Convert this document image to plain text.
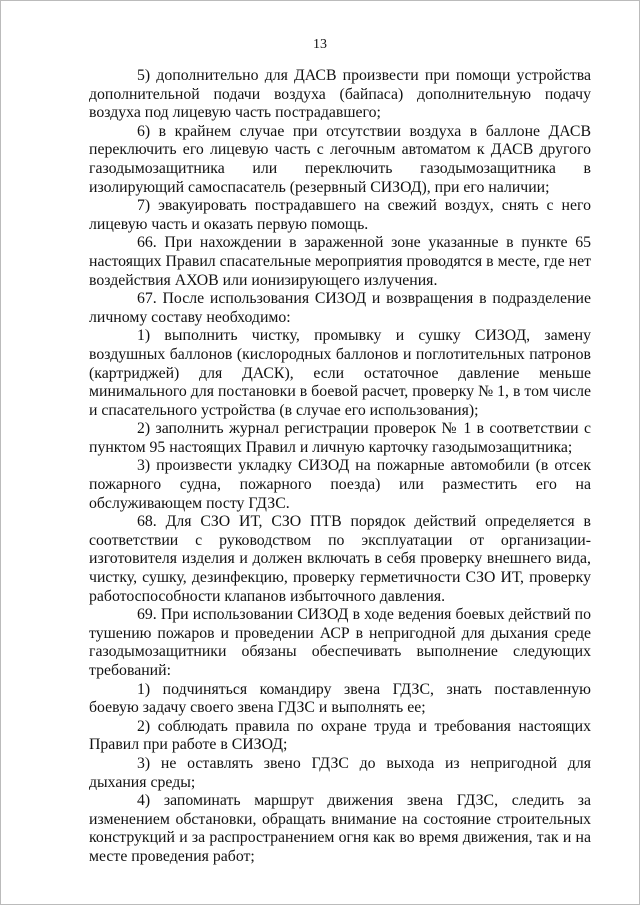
13

5) дополнительно для ДАСВ произвести при помощи устройства дополнительной подачи воздуха (байпаса) дополнительную подачу воздуха под лицевую часть пострадавшего;

6) в крайнем случае при отсутствии воздуха в баллоне ДАСВ переключить его лицевую часть с легочным автоматом к ДАСВ другого газодымозащитника или переключить газодымозащитника в изолирующий самоспасатель (резервный СИЗОД), при его наличии;

7) эвакуировать пострадавшего на свежий воздух, снять с него лицевую часть и оказать первую помощь.

66. При нахождении в зараженной зоне указанные в пункте 65 настоящих Правил спасательные мероприятия проводятся в месте, где нет воздействия АХОВ или ионизирующего излучения.

67. После использования СИЗОД и возвращения в подразделение личному составу необходимо:

1) выполнить чистку, промывку и сушку СИЗОД, замену воздушных баллонов (кислородных баллонов и поглотительных патронов (картриджей) для ДАСК), если остаточное давление меньше минимального для постановки в боевой расчет, проверку № 1, в том числе и спасательного устройства (в случае его использования);

2) заполнить журнал регистрации проверок № 1 в соответствии с пунктом 95 настоящих Правил и личную карточку газодымозащитника;

3) произвести укладку СИЗОД на пожарные автомобили (в отсек пожарного судна, пожарного поезда) или разместить его на обслуживающем посту ГДЗС.

68. Для СЗО ИТ, СЗО ПТВ порядок действий определяется в соответствии с руководством по эксплуатации от организации-изготовителя изделия и должен включать в себя проверку внешнего вида, чистку, сушку, дезинфекцию, проверку герметичности СЗО ИТ, проверку работоспособности клапанов избыточного давления.

69. При использовании СИЗОД в ходе ведения боевых действий по тушению пожаров и проведении АСР в непригодной для дыхания среде газодымозащитники обязаны обеспечивать выполнение следующих требований:

1) подчиняться командиру звена ГДЗС, знать поставленную боевую задачу своего звена ГДЗС и выполнять ее;

2) соблюдать правила по охране труда и требования настоящих Правил при работе в СИЗОД;

3) не оставлять звено ГДЗС до выхода из непригодной для дыхания среды;

4) запоминать маршрут движения звена ГДЗС, следить за изменением обстановки, обращать внимание на состояние строительных конструкций и за распространением огня как во время движения, так и на месте проведения работ;
